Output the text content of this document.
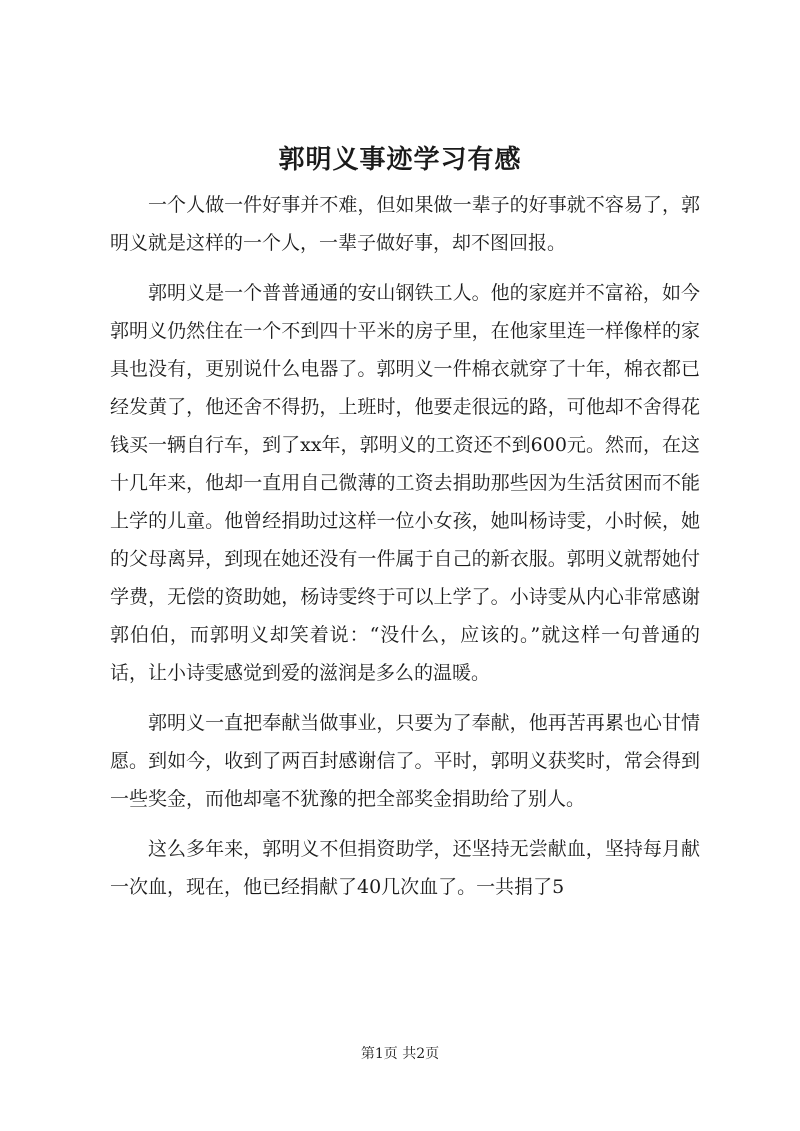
郭明义事迹学习有感

一个人做一件好事并不难，但如果做一辈子的好事就不容易了，郭明义就是这样的一个人，一辈子做好事，却不图回报。

郭明义是一个普普通通的安山钢铁工人。他的家庭并不富裕，如今郭明义仍然住在一个不到四十平米的房子里，在他家里连一样像样的家具也没有，更别说什么电器了。郭明义一件棉衣就穿了十年，棉衣都已经发黄了，他还舍不得扔，上班时，他要走很远的路，可他却不舍得花钱买一辆自行车，到了xx年，郭明义的工资还不到600元。然而，在这十几年来，他却一直用自己微薄的工资去捐助那些因为生活贫困而不能上学的儿童。他曾经捐助过这样一位小女孩，她叫杨诗雯，小时候，她的父母离异，到现在她还没有一件属于自己的新衣服。郭明义就帮她付学费，无偿的资助她，杨诗雯终于可以上学了。小诗雯从内心非常感谢郭伯伯，而郭明义却笑着说：“没什么，应该的。”就这样一句普通的话，让小诗雯感觉到爱的滋润是多么的温暖。

郭明义一直把奉献当做事业，只要为了奉献，他再苦再累也心甘情愿。到如今，收到了两百封感谢信了。平时，郭明义获奖时，常会得到一些奖金，而他却毫不犹豫的把全部奖金捐助给了别人。

这么多年来，郭明义不但捐资助学，还坚持无尝献血，坚持每月献一次血，现在，他已经捐献了40几次血了。一共捐了5

第1页 共2页
